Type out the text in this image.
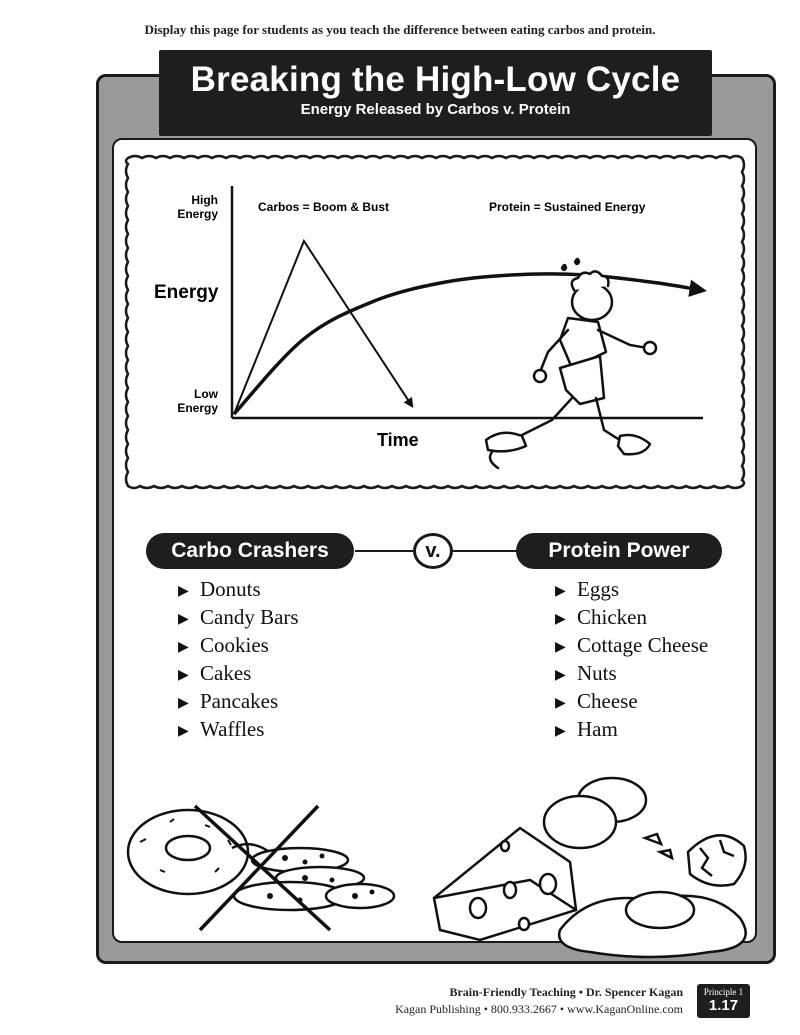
Display this page for students as you teach the difference between eating carbos and protein.
Breaking the High-Low Cycle
Energy Released by Carbos v. Protein
High Energy
Low Energy
Energy
Time
Carbos = Boom & Bust	Protein = Sustained Energy
Carbo Crashers	v.	Protein Power
▶ Donuts
▶ Candy Bars
▶ Cookies
▶ Cakes
▶ Pancakes
▶ Waffles
▶ Eggs
▶ Chicken
▶ Cottage Cheese
▶ Nuts
▶ Cheese
▶ Ham
Brain-Friendly Teaching • Dr. Spencer Kagan
Kagan Publishing • 800.933.2667 • www.KaganOnline.com
Principle 1
1.17
